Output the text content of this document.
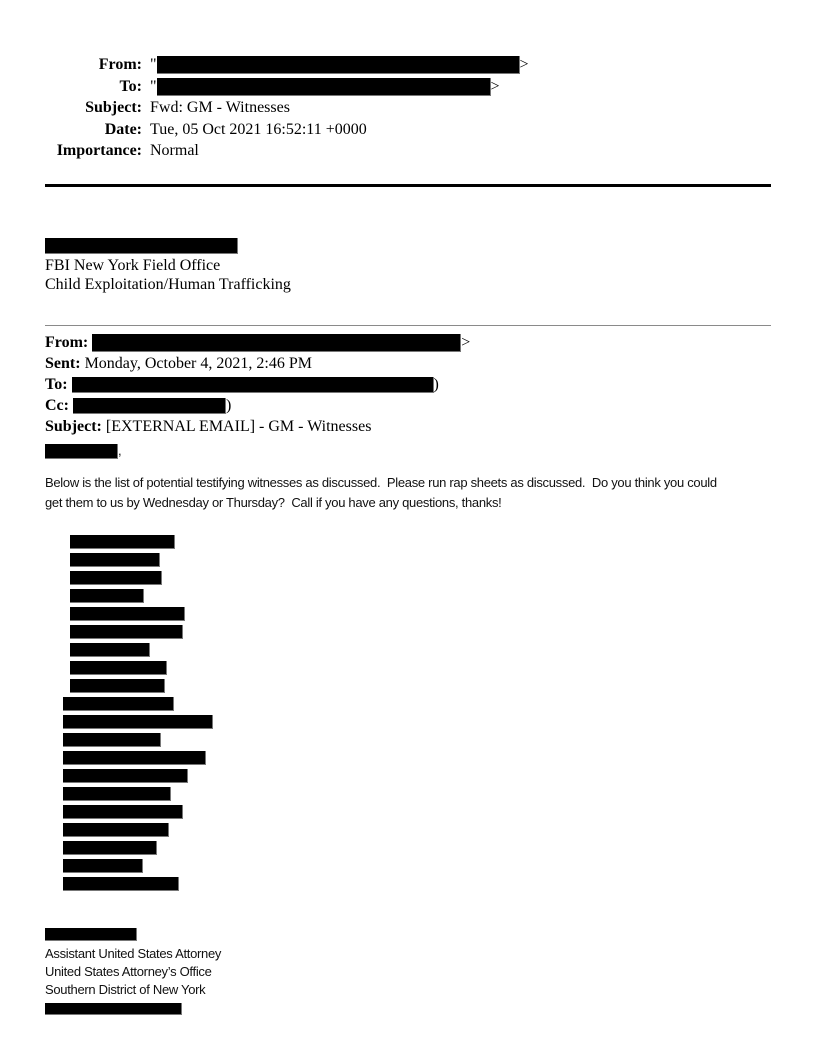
From: "	>
To: "	>
Subject: Fwd: GM - Witnesses
Date: Tue, 05 Oct 2021 16:52:11 +0000
Importance: Normal
FBI New York Field Office
Child Exploitation/Human Trafficking
From:	>
Sent: Monday, October 4, 2021, 2:46 PM
To:	)
Cc:	)
Subject: [EXTERNAL EMAIL] - GM - Witnesses
,
Below is the list of potential testifying witnesses as discussed.  Please run rap sheets as discussed.  Do you think you could
get them to us by Wednesday or Thursday?  Call if you have any questions, thanks!
Assistant United States Attorney
United States Attorney’s Office
Southern District of New York
